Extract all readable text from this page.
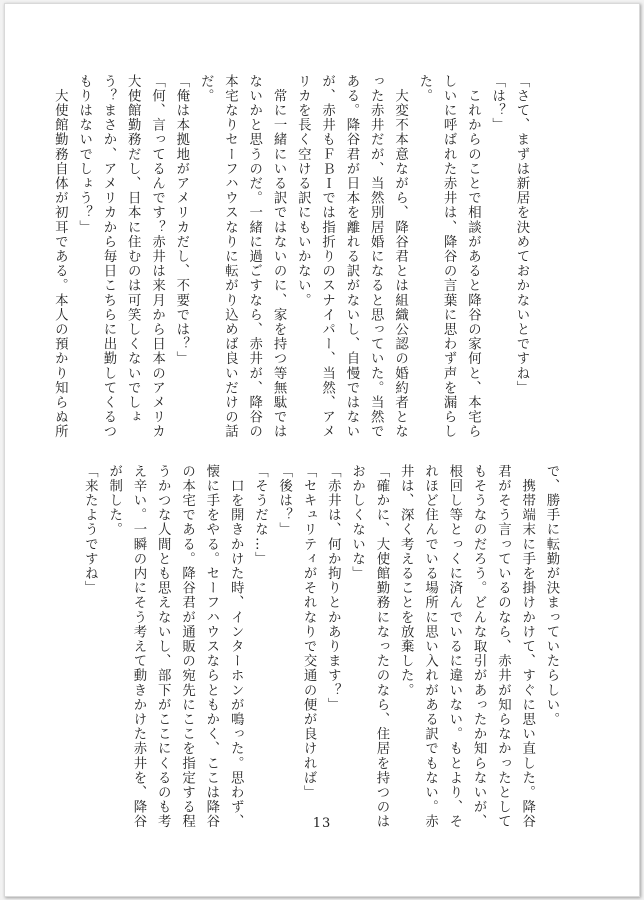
「さて、まずは新居を決めておかないとですね」

「は？」

　これからのことで相談があると降谷の家何と、本宅ら

しいに呼ばれた赤井は、降谷の言葉に思わず声を漏らし

た。

　大変不本意ながら、降谷君とは組織公認の婚約者とな

った赤井だが、当然別居婚になると思っていた。当然で

ある。降谷君が日本を離れる訳がないし、自慢ではない

が、赤井もＦＢＩでは指折りのスナイパー、当然、アメ

リカを長く空ける訳にもいかない。

　常に一緒にいる訳ではないのに、家を持つ等無駄では

ないかと思うのだ。一緒に過ごすなら、赤井が、降谷の

本宅なりセーフハウスなりに転がり込めば良いだけの話

だ。

「俺は本拠地がアメリカだし、不要では？」

「何、言ってるんです？赤井は来月から日本のアメリカ

大使館勤務だし、日本に住むのは可笑しくないでしょ

う？まさか、アメリカから毎日こちらに出勤してくるつ

もりはないでしょう？」

　大使館勤務自体が初耳である。本人の預かり知らぬ所

で、勝手に転勤が決まっていたらしい。

　携帯端末に手を掛けかけて、すぐに思い直した。降谷

君がそう言っているのなら、赤井が知らなかったとして

もそうなのだろう。どんな取引があったか知らないが、

根回し等とっくに済んでいるに違いない。もとより、そ

れほど住んでいる場所に思い入れがある訳でもない。赤

井は、深く考えることを放棄した。

「確かに、大使館勤務になったのなら、住居を持つのは

おかしくないな」

「赤井は、何か拘りとかあります？」

「セキュリティがそれなりで交通の便が良ければ」

「後は？」

「そうだな…」

　口を開きかけた時、インターホンが鳴った。思わず、

懐に手をやる。セーフハウスならともかく、ここは降谷

の本宅である。降谷君が通販の宛先にここを指定する程

うかつな人間とも思えないし、部下がここにくるのも考

え辛い。一瞬の内にそう考えて動きかけた赤井を、降谷

が制した。

「来たようですね」

13
